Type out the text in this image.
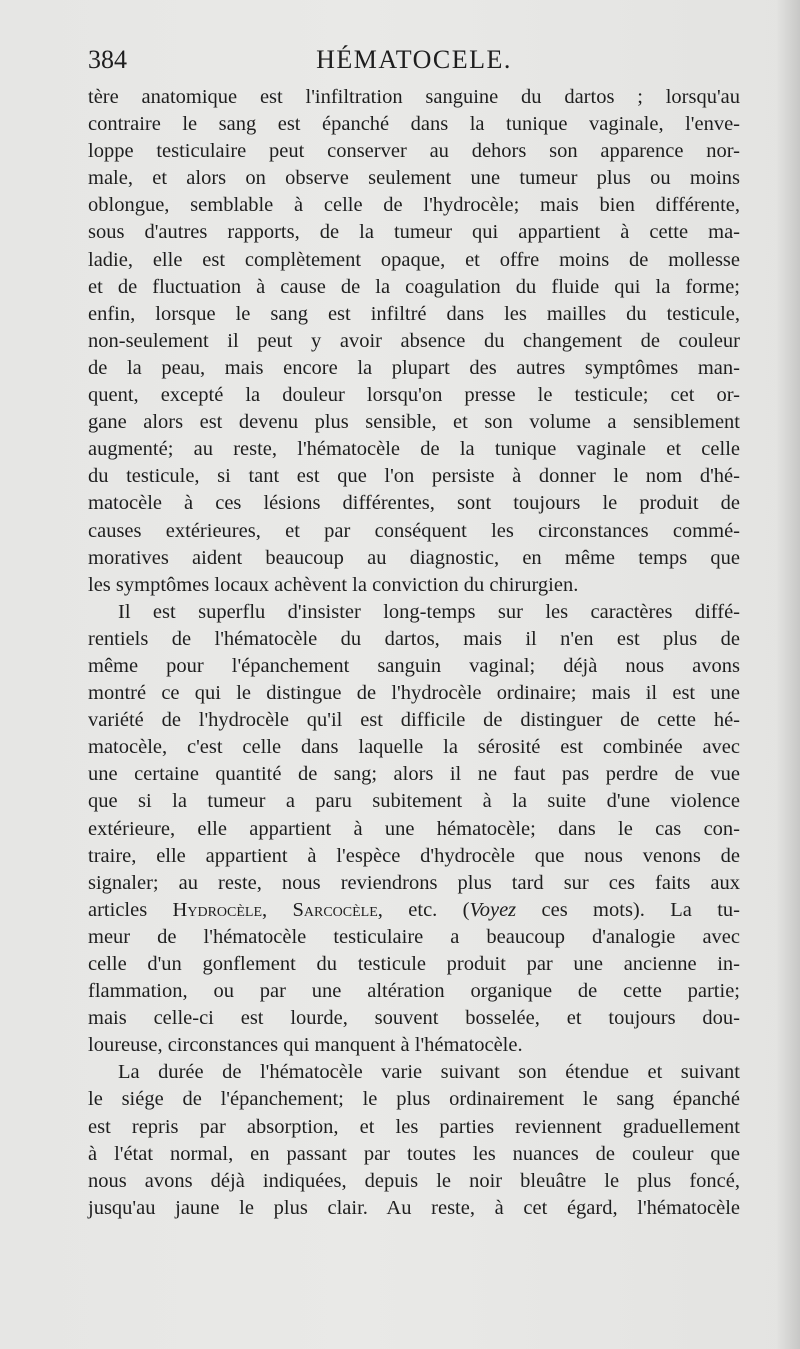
384	HÉMATOCELE.
tère anatomique est l'infiltration sanguine du dartos ; lorsqu'au
contraire le sang est épanché dans la tunique vaginale, l'enve-
loppe testiculaire peut conserver au dehors son apparence nor-
male, et alors on observe seulement une tumeur plus ou moins
oblongue, semblable à celle de l'hydrocèle; mais bien différente,
sous d'autres rapports, de la tumeur qui appartient à cette ma-
ladie, elle est complètement opaque, et offre moins de mollesse
et de fluctuation à cause de la coagulation du fluide qui la forme;
enfin, lorsque le sang est infiltré dans les mailles du testicule,
non-seulement il peut y avoir absence du changement de couleur
de la peau, mais encore la plupart des autres symptômes man-
quent, excepté la douleur lorsqu'on presse le testicule; cet or-
gane alors est devenu plus sensible, et son volume a sensiblement
augmenté; au reste, l'hématocèle de la tunique vaginale et celle
du testicule, si tant est que l'on persiste à donner le nom d'hé-
matocèle à ces lésions différentes, sont toujours le produit de
causes extérieures, et par conséquent les circonstances commé-
moratives aident beaucoup au diagnostic, en même temps que
les symptômes locaux achèvent la conviction du chirurgien.
Il est superflu d'insister long-temps sur les caractères diffé-
rentiels de l'hématocèle du dartos, mais il n'en est plus de
même pour l'épanchement sanguin vaginal; déjà nous avons
montré ce qui le distingue de l'hydrocèle ordinaire; mais il est une
variété de l'hydrocèle qu'il est difficile de distinguer de cette hé-
matocèle, c'est celle dans laquelle la sérosité est combinée avec
une certaine quantité de sang; alors il ne faut pas perdre de vue
que si la tumeur a paru subitement à la suite d'une violence
extérieure, elle appartient à une hématocèle; dans le cas con-
traire, elle appartient à l'espèce d'hydrocèle que nous venons de
signaler; au reste, nous reviendrons plus tard sur ces faits aux
articles Hydrocèle, Sarcocèle, etc. (Voyez ces mots). La tu-
meur de l'hématocèle testiculaire a beaucoup d'analogie avec
celle d'un gonflement du testicule produit par une ancienne in-
flammation, ou par une altération organique de cette partie;
mais celle-ci est lourde, souvent bosselée, et toujours dou-
loureuse, circonstances qui manquent à l'hématocèle.
La durée de l'hématocèle varie suivant son étendue et suivant
le siége de l'épanchement; le plus ordinairement le sang épanché
est repris par absorption, et les parties reviennent graduellement
à l'état normal, en passant par toutes les nuances de couleur que
nous avons déjà indiquées, depuis le noir bleuâtre le plus foncé,
jusqu'au jaune le plus clair. Au reste, à cet égard, l'hématocèle
